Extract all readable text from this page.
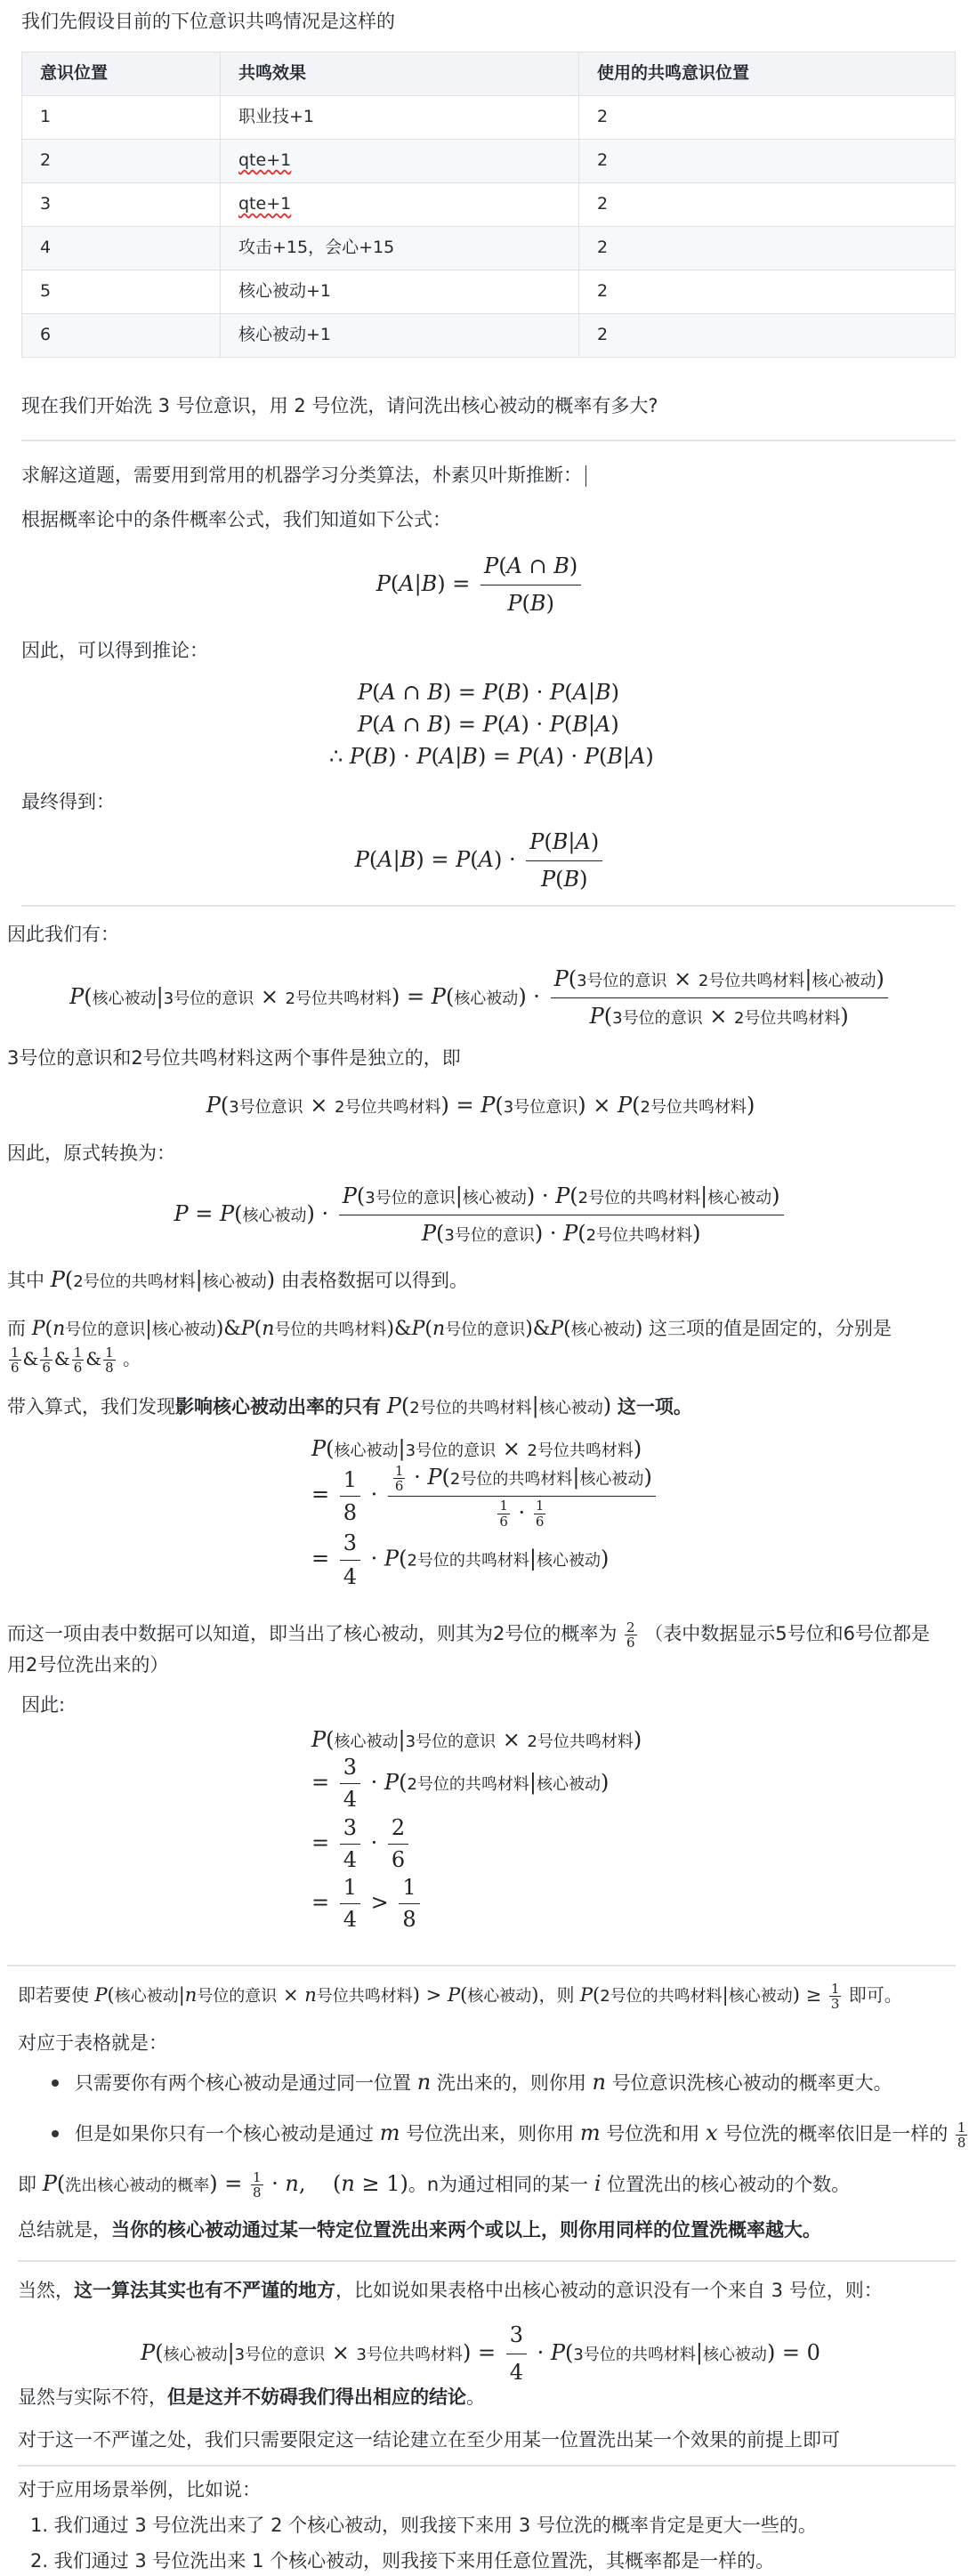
我们先假设目前的下位意识共鸣情况是这样的
意识位置	共鸣效果	使用的共鸣意识位置
1	职业技+1	2
2	qte+1	2
3	qte+1	2
4	攻击+15，会心+15	2
5	核心被动+1	2
6	核心被动+1	2
现在我们开始洗 3 号位意识，用 2 号位洗，请问洗出核心被动的概率有多大?
求解这道题，需要用到常用的机器学习分类算法，朴素贝叶斯推断：
根据概率论中的条件概率公式，我们知道如下公式：
$P(A|B) = \frac{P(A \cap B)}{P(B)}$
因此，可以得到推论：
P(A ∩ B) = P(B) · P(A|B)
P(A ∩ B) = P(A) · P(B|A)
∴ P(B) · P(A|B) = P(A) · P(B|A)
最终得到：
$P(A|B) = P(A) \cdot \frac{P(B|A)}{P(B)}$
因此我们有：
P(核心被动|3号位的意识 × 2号位共鸣材料) = P(核心被动) · $\frac{\text{P(3号位的意识 × 2号位共鸣材料|核心被动)}}{\text{P(3号位的意识 × 2号位共鸣材料)}}$
3号位的意识和2号位共鸣材料这两个事件是独立的，即
P(3号位意识 × 2号位共鸣材料) = P(3号位意识) × P(2号位共鸣材料)
因此，原式转换为：
P = P(核心被动) · $\frac{\text{P(3号位的意识|核心被动) · P(2号位的共鸣材料|核心被动)}}{\text{P(3号位的意识) · P(2号位共鸣材料)}}$
其中 P(2号位的共鸣材料|核心被动) 由表格数据可以得到。
而 P(n号位的意识|核心被动)&P(n号位的共鸣材料)&P(n号位的意识)&P(核心被动) 这三项的值是固定的，分别是
$\frac{1}{6}$ & $\frac{1}{6}$ & $\frac{1}{6}$ & $\frac{1}{8}$ 。
带入算式，我们发现影响核心被动出率的只有 P(2号位的共鸣材料|核心被动) 这一项。
P(核心被动|3号位的意识 × 2号位共鸣材料)
= $\frac{1}{8} \cdot \frac{\frac{1}{6} \cdot P(2号位的共鸣材料|核心被动)}{\frac{1}{6} \cdot \frac{1}{6}}$
= $\frac{3}{4} \cdot P(2$号位的共鸣材料|核心被动)
而这一项由表中数据可以知道，即当出了核心被动，则其为2号位的概率为 $\frac{2}{6}$ （表中数据显示5号位和6号位都是
用2号位洗出来的）
因此:
P(核心被动|3号位的意识 × 2号位共鸣材料)
= $\frac{3}{4} \cdot P(2$号位的共鸣材料|核心被动)
= $\frac{3}{4} \cdot \frac{2}{6}$
= $\frac{1}{4} > \frac{1}{8}$
即若要使 P(核心被动|n号位的意识 × n号位共鸣材料) > P(核心被动)，则 P(2号位的共鸣材料|核心被动) ≥ $\frac{1}{3}$ 即可。
对应于表格就是：
只需要你有两个核心被动是通过同一位置 n 洗出来的，则你用 n 号位意识洗核心被动的概率更大。
但是如果你只有一个核心被动是通过 m 号位洗出来，则你用 m 号位洗和用 x 号位洗的概率依旧是一样的 $\frac{1}{8}$
即 P(洗出核心被动的概率) = $\frac{1}{8} \cdot n$,    (n ≥ 1)。n为通过相同的某一 i 位置洗出的核心被动的个数。
总结就是，当你的核心被动通过某一特定位置洗出来两个或以上，则你用同样的位置洗概率越大。
当然，这一算法其实也有不严谨的地方，比如说如果表格中出核心被动的意识没有一个来自 3 号位，则：
P(核心被动|3号位的意识 × 3号位共鸣材料) = $\frac{3}{4} \cdot P(3$号位的共鸣材料|核心被动) = 0
显然与实际不符，但是这并不妨碍我们得出相应的结论。
对于这一不严谨之处，我们只需要限定这一结论建立在至少用某一位置洗出某一个效果的前提上即可
对于应用场景举例，比如说：
1. 我们通过 3 号位洗出来了 2 个核心被动，则我接下来用 3 号位洗的概率肯定是更大一些的。
2. 我们通过 3 号位洗出来 1 个核心被动，则我接下来用任意位置洗，其概率都是一样的。
